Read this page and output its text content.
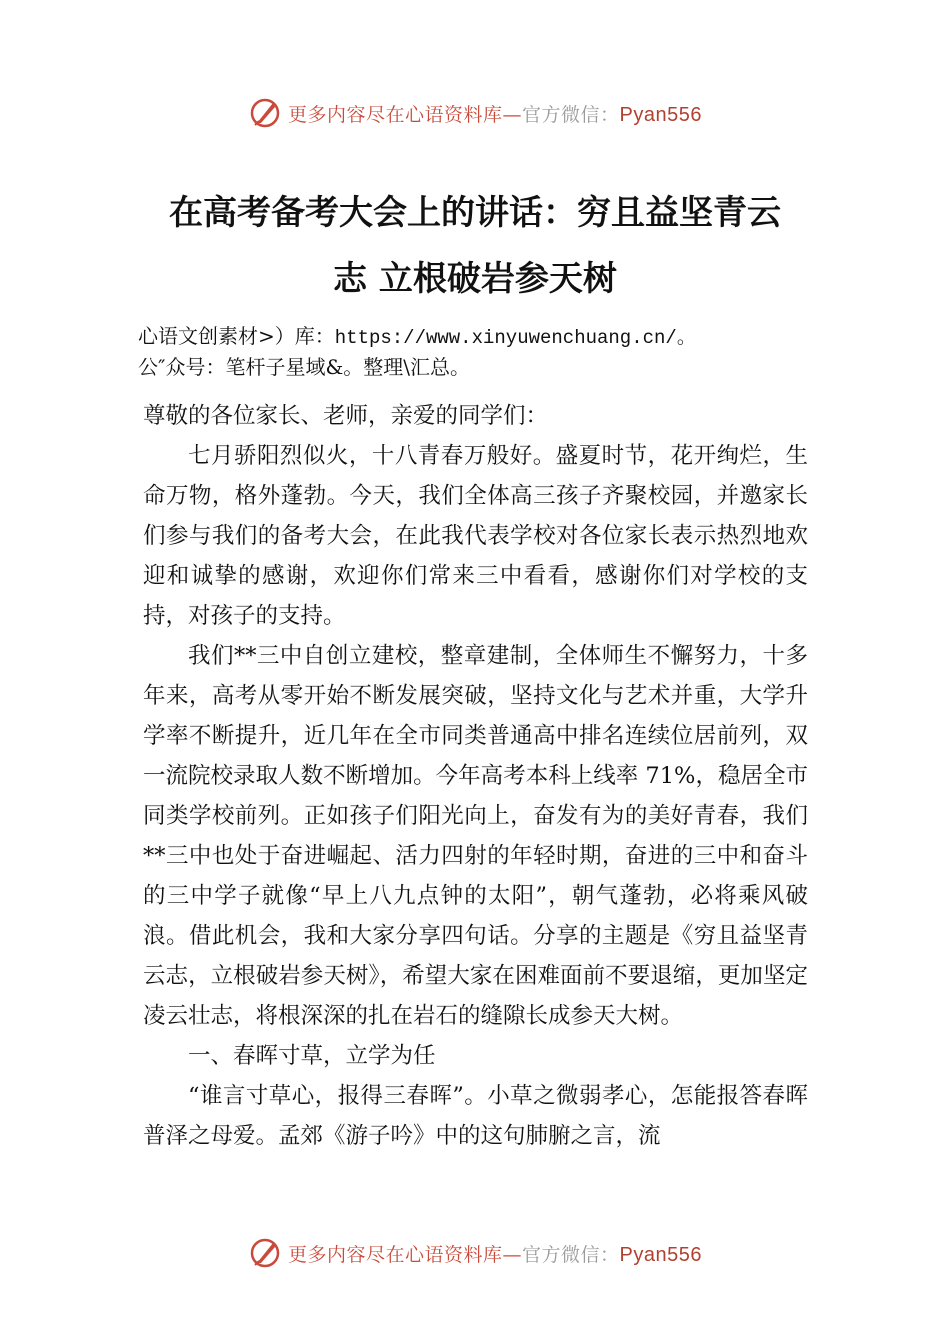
更多内容尽在心语资料库—官方微信：Pyan556
在高考备考大会上的讲话：穷且益坚青云
志 立根破岩参天树
心语文创素材>）库：https://www.xinyuwenchuang.cn/。
公″众号：笔杆子星域&。整理\汇总。

尊敬的各位家长、老师，亲爱的同学们：

七月骄阳烈似火，十八青春万般好。盛夏时节，花开绚烂，生命万物，格外蓬勃。今天，我们全体高三孩子齐聚校园，并邀家长们参与我们的备考大会，在此我代表学校对各位家长表示热烈地欢迎和诚挚的感谢，欢迎你们常来三中看看，感谢你们对学校的支持，对孩子的支持。

我们**三中自创立建校，整章建制，全体师生不懈努力，十多年来，高考从零开始不断发展突破，坚持文化与艺术并重，大学升学率不断提升，近几年在全市同类普通高中排名连续位居前列，双一流院校录取人数不断增加。今年高考本科上线率 71%，稳居全市同类学校前列。正如孩子们阳光向上，奋发有为的美好青春，我们**三中也处于奋进崛起、活力四射的年轻时期，奋进的三中和奋斗的三中学子就像“早上八九点钟的太阳”，朝气蓬勃，必将乘风破浪。借此机会，我和大家分享四句话。分享的主题是《穷且益坚青云志，立根破岩参天树》，希望大家在困难面前不要退缩，更加坚定凌云壮志，将根深深的扎在岩石的缝隙长成参天大树。

一、春晖寸草，立学为任

“谁言寸草心，报得三春晖”。小草之微弱孝心，怎能报答春晖普泽之母爱。孟郊《游子吟》中的这句肺腑之言，流

更多内容尽在心语资料库—官方微信：Pyan556
